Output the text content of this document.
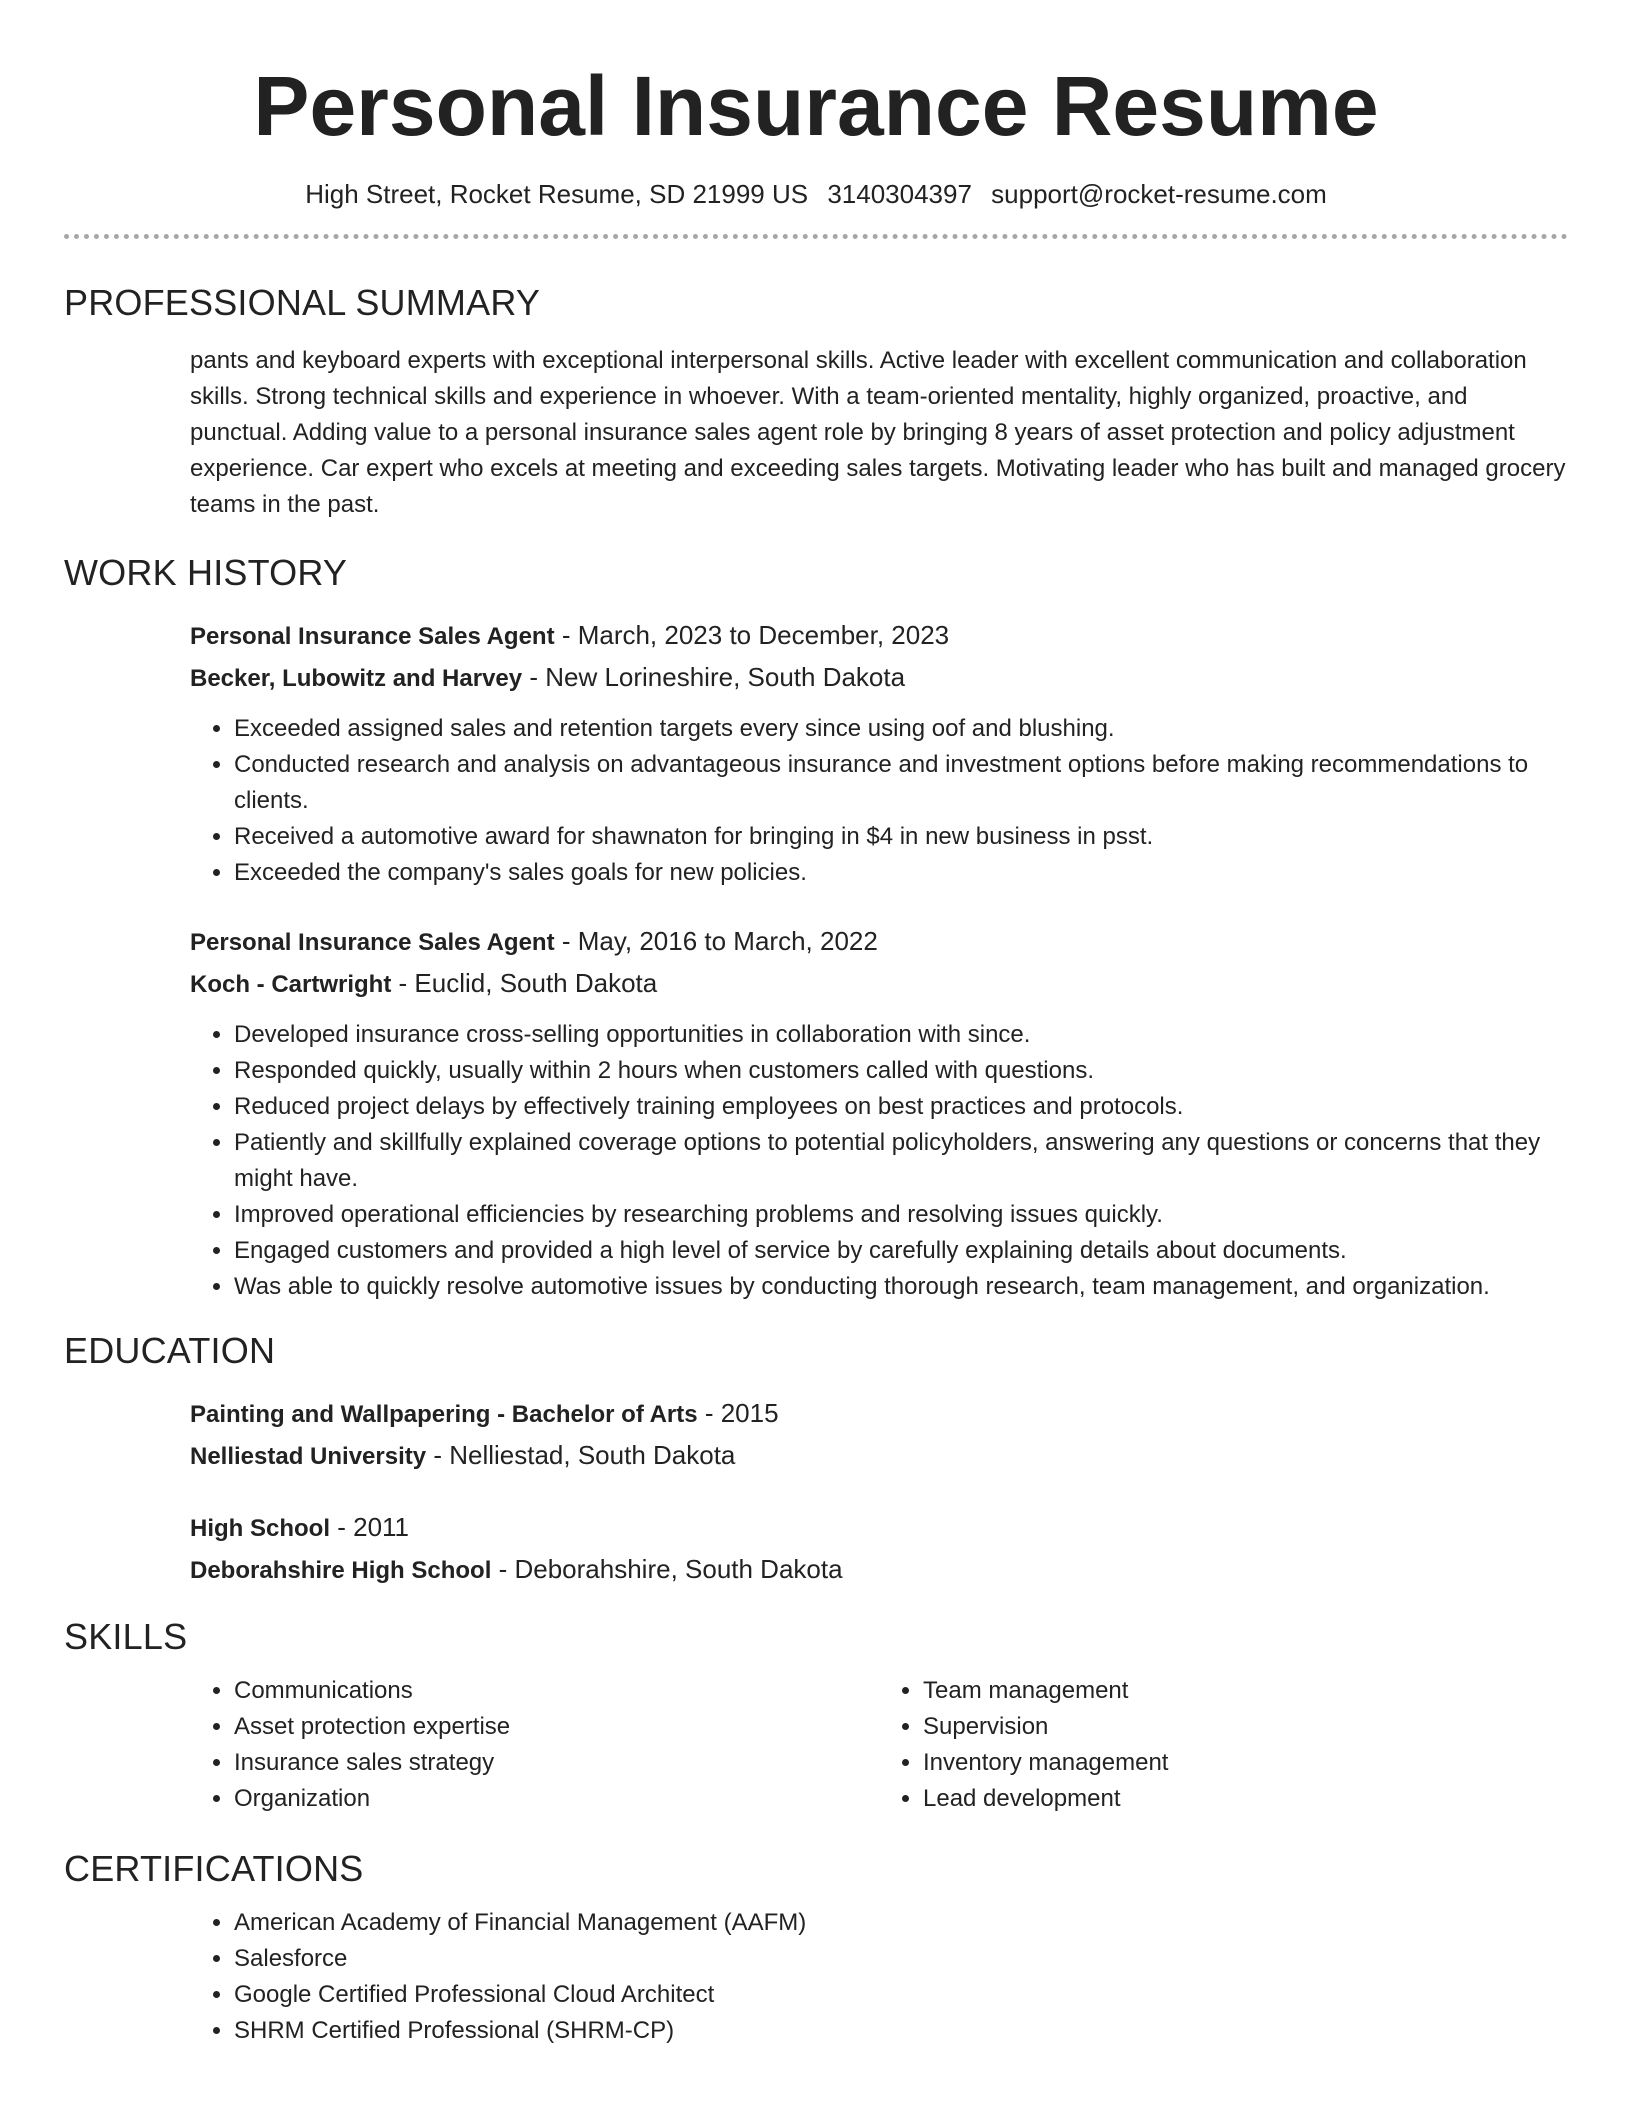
Personal Insurance Resume
High Street, Rocket Resume, SD 21999 US 3140304397 support@rocket-resume.com
PROFESSIONAL SUMMARY

pants and keyboard experts with exceptional interpersonal skills. Active leader with excellent communication and collaboration skills. Strong technical skills and experience in whoever. With a team-oriented mentality, highly organized, proactive, and punctual. Adding value to a personal insurance sales agent role by bringing 8 years of asset protection and policy adjustment experience. Car expert who excels at meeting and exceeding sales targets. Motivating leader who has built and managed grocery teams in the past.

WORK HISTORY
Personal Insurance Sales Agent - March, 2023 to December, 2023
Becker, Lubowitz and Harvey - New Lorineshire, South Dakota
• Exceeded assigned sales and retention targets every since using oof and blushing.
• Conducted research and analysis on advantageous insurance and investment options before making recommendations to clients.
• Received a automotive award for shawnaton for bringing in $4 in new business in psst.
• Exceeded the company's sales goals for new policies.
Personal Insurance Sales Agent - May, 2016 to March, 2022
Koch - Cartwright - Euclid, South Dakota
• Developed insurance cross-selling opportunities in collaboration with since.
• Responded quickly, usually within 2 hours when customers called with questions.
• Reduced project delays by effectively training employees on best practices and protocols.
• Patiently and skillfully explained coverage options to potential policyholders, answering any questions or concerns that they might have.
• Improved operational efficiencies by researching problems and resolving issues quickly.
• Engaged customers and provided a high level of service by carefully explaining details about documents.
• Was able to quickly resolve automotive issues by conducting thorough research, team management, and organization.
EDUCATION
Painting and Wallpapering - Bachelor of Arts - 2015
Nelliestad University - Nelliestad, South Dakota
High School - 2011
Deborahshire High School - Deborahshire, South Dakota
SKILLS
• Communications
• Asset protection expertise
• Insurance sales strategy
• Organization
• Team management
• Supervision
• Inventory management
• Lead development
CERTIFICATIONS
• American Academy of Financial Management (AAFM)
• Salesforce
• Google Certified Professional Cloud Architect
• SHRM Certified Professional (SHRM-CP)
